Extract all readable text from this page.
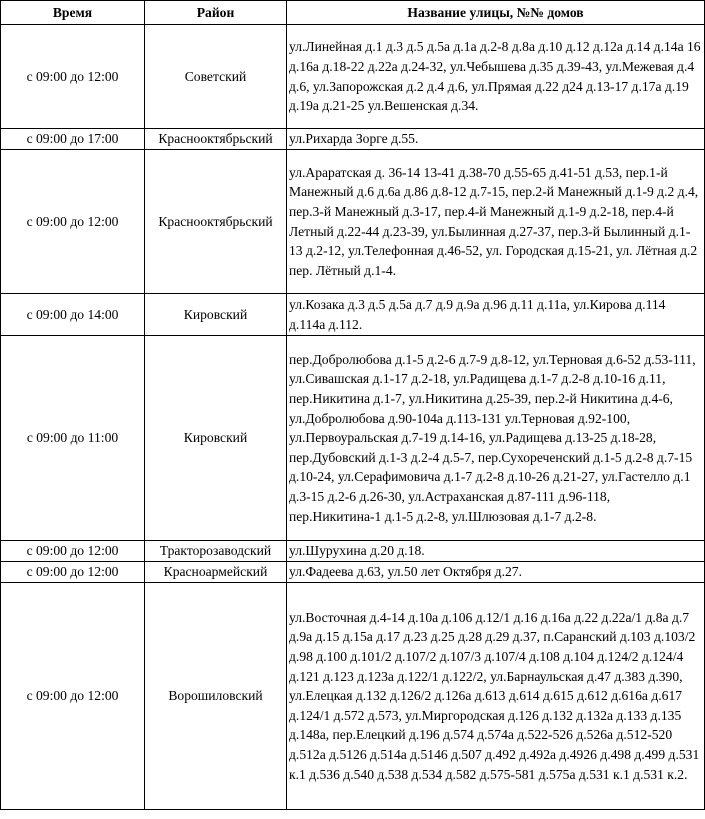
Время	Район	Название улицы, №№ домов
с 09:00 до 12:00	Советский	ул.Линейная д.1 д.3 д.5 д.5а д.1а д.2-8 д.8а д.10 д.12 д.12а д.14 д.14а 16 д.16а д.18-22 д.22а д.24-32, ул.Чебышева д.35 д.39-43, ул.Межевая д.4 д.6, ул.Запорожская д.2 д.4 д.6, ул.Прямая д.22 д24 д.13-17 д.17а д.19 д.19а д.21-25 ул.Вешенская д.34.
с 09:00 до 17:00	Краснооктябрьский	ул.Рихарда Зорге д.55.
с 09:00 до 12:00	Краснооктябрьский	ул.Араратская д. 36-14 13-41 д.38-70 д.55-65 д.41-51 д.53, пер.1-й Манежный д.6 д.6а д.86 д.8-12 д.7-15, пер.2-й Манежный д.1-9 д.2 д.4, пер.3-й Манежный д.3-17, пер.4-й Манежный д.1-9 д.2-18, пер.4-й Летный д.22-44 д.23-39, ул.Былинная д.27-37, пер.3-й Былинный д.1-13 д.2-12, ул.Телефонная д.46-52, ул. Городская д.15-21, ул. Лётная д.2 пер. Лётный д.1-4.
с 09:00 до 14:00	Кировский	ул.Козака д.3 д.5 д.5а д.7 д.9 д.9а д.96 д.11 д.11а, ул.Кирова д.114 д.114а д.112.
с 09:00 до 11:00	Кировский	пер.Добролюбова д.1-5 д.2-6 д.7-9 д.8-12, ул.Терновая д.6-52 д.53-111, ул.Сивашская д.1-17 д.2-18, ул.Радищева д.1-7 д.2-8 д.10-16 д.11, пер.Никитина д.1-7, ул.Никитина д.25-39, пер.2-й Никитина д.4-6, ул.Добролюбова д.90-104а д.113-131 ул.Терновая д.92-100, ул.Первоуральская д.7-19 д.14-16, ул.Радищева д.13-25 д.18-28, пер.Дубовский д.1-3 д.2-4 д.5-7, пер.Сухореченский д.1-5 д.2-8 д.7-15 д.10-24, ул.Серафимовича д.1-7 д.2-8 д.10-26 д.21-27, ул.Гастелло д.1 д.3-15 д.2-6 д.26-30, ул.Астраханская д.87-111 д.96-118, пер.Никитина-1 д.1-5 д.2-8, ул.Шлюзовая д.1-7 д.2-8.
с 09:00 до 12:00	Тракторозаводский	ул.Шурухина д.20 д.18.
с 09:00 до 12:00	Красноармейский	ул.Фадеева д.63, ул.50 лет Октября д.27.
с 09:00 до 12:00	Ворошиловский	ул.Восточная д.4-14 д.10а д.106 д.12/1 д.16 д.16а д.22 д.22а/1 д.8а д.7 д.9а д.15 д.15а д.17 д.23 д.25 д.28 д.29 д.37, п.Саранский д.103 д.103/2 д.98 д.100 д.101/2 д.107/2 д.107/3 д.107/4 д.108 д.104 д.124/2 д.124/4 д.121 д.123 д.123а д.122/1 д.122/2, ул.Барнаульская д.47 д.383 д.390, ул.Елецкая д.132 д.126/2 д.126а д.613 д.614 д.615 д.612 д.616а д.617 д.124/1 д.572 д.573, ул.Миргородская д.126 д.132 д.132а д.133 д.135 д.148а, пер.Елецкий д.196 д.574 д.574а д.522-526 д.526а д.512-520 д.512а д.5126 д.514а д.5146 д.507 д.492 д.492а д.4926 д.498 д.499 д.531 к.1 д.536 д.540 д.538 д.534 д.582 д.575-581 д.575а д.531 к.1 д.531 к.2.
